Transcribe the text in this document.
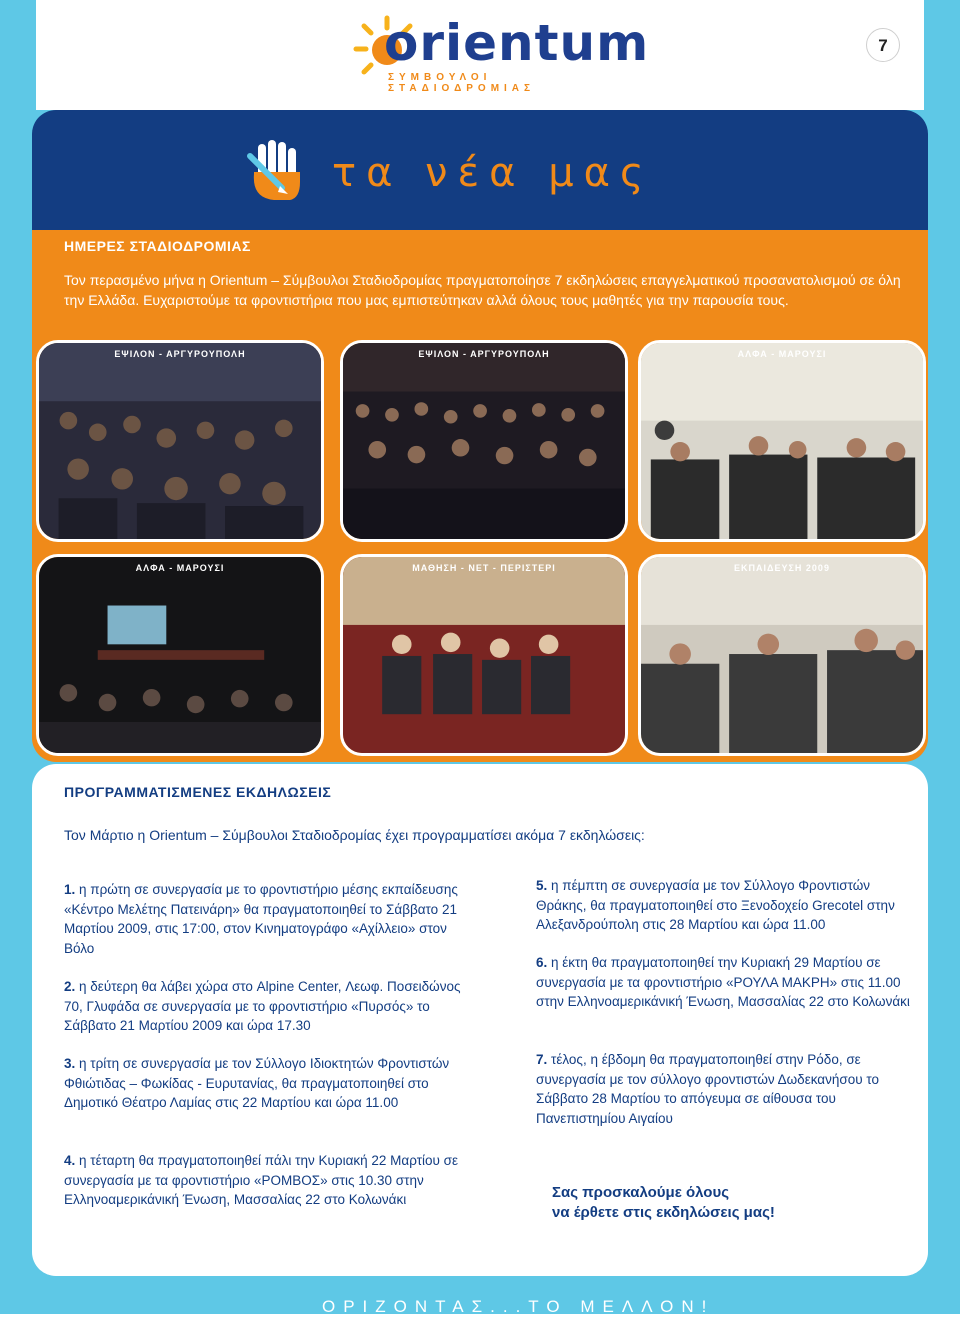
orientum
ΣΥΜΒΟΥΛΟΙ ΣΤΑΔΙΟΔΡΟΜΙΑΣ
7
τα νέα μας
ΗΜΕΡΕΣ ΣΤΑΔΙΟΔΡΟΜΙΑΣ
Τον περασμένο μήνα η Orientum – Σύμβουλοι Σταδιοδρομίας πραγματοποίησε 7 εκδηλώσεις επαγγελματικού προσανατολισμού σε όλη την Ελλάδα. Ευχαριστούμε τα φροντιστήρια που μας εμπιστεύτηκαν αλλά όλους τους μαθητές για την παρουσία τους.
ΕΨΙΛΟΝ - ΑΡΓΥΡΟΥΠΟΛΗ	ΕΨΙΛΟΝ - ΑΡΓΥΡΟΥΠΟΛΗ	ΑΛΦΑ - ΜΑΡΟΥΣΙ
ΑΛΦΑ - ΜΑΡΟΥΣΙ	ΜΑΘΗΣΗ - ΝΕΤ - ΠΕΡΙΣΤΕΡΙ	ΕΚΠΑΙΔΕΥΣΗ 2009
ΠΡΟΓΡΑΜΜΑΤΙΣΜΕΝΕΣ ΕΚΔΗΛΩΣΕΙΣ
Τον Μάρτιο η Orientum – Σύμβουλοι Σταδιοδρομίας έχει προγραμματίσει ακόμα 7 εκδηλώσεις:
1. η πρώτη σε συνεργασία με το φροντιστήριο μέσης εκπαίδευσης «Κέντρο Μελέτης Πατεινάρη» θα πραγματοποιηθεί το Σάββατο 21 Μαρτίου 2009, στις 17:00, στον Κινηματογράφο «Αχίλλειο» στον Βόλο
2. η δεύτερη θα λάβει χώρα στο Alpine Center, Λεωφ. Ποσειδώνος 70, Γλυφάδα σε συνεργασία με το φροντιστήριο «Πυρσός» το Σάββατο 21 Μαρτίου 2009 και ώρα 17.30
3. η τρίτη σε συνεργασία με τον Σύλλογο Ιδιοκτητών Φροντιστών Φθιώτιδας – Φωκίδας - Ευρυτανίας, θα πραγματοποιηθεί στο Δημοτικό Θέατρο Λαμίας στις 22 Μαρτίου και ώρα 11.00
4. η τέταρτη θα πραγματοποιηθεί πάλι την Κυριακή 22 Μαρτίου σε συνεργασία με τα φροντιστήριο «ΡΟΜΒΟΣ» στις 10.30 στην Ελληνοαμερικάνική Ένωση, Μασσαλίας 22 στο Κολωνάκι
5. η πέμπτη σε συνεργασία με τον Σύλλογο Φροντιστών Θράκης, θα πραγματοποιηθεί στο Ξενοδοχείο Grecotel στην Αλεξανδρούπολη στις 28 Μαρτίου και ώρα 11.00
6. η έκτη θα πραγματοποιηθεί την Κυριακή 29 Μαρτίου σε συνεργασία με τα φροντιστήριο «ΡΟΥΛΑ ΜΑΚΡΗ» στις 11.00 στην Ελληνοαμερικάνική Ένωση, Μασσαλίας 22 στο Κολωνάκι
7. τέλος, η έβδομη θα πραγματοποιηθεί στην Ρόδο, σε συνεργασία με τον σύλλογο φροντιστών Δωδεκανήσου το Σάββατο 28 Μαρτίου το απόγευμα σε αίθουσα του Πανεπιστημίου Αιγαίου
Σας προσκαλούμε όλους
να έρθετε στις εκδηλώσεις μας!
ΟΡΙΖΟΝΤΑΣ...ΤΟ ΜΕΛΛΟΝ!
